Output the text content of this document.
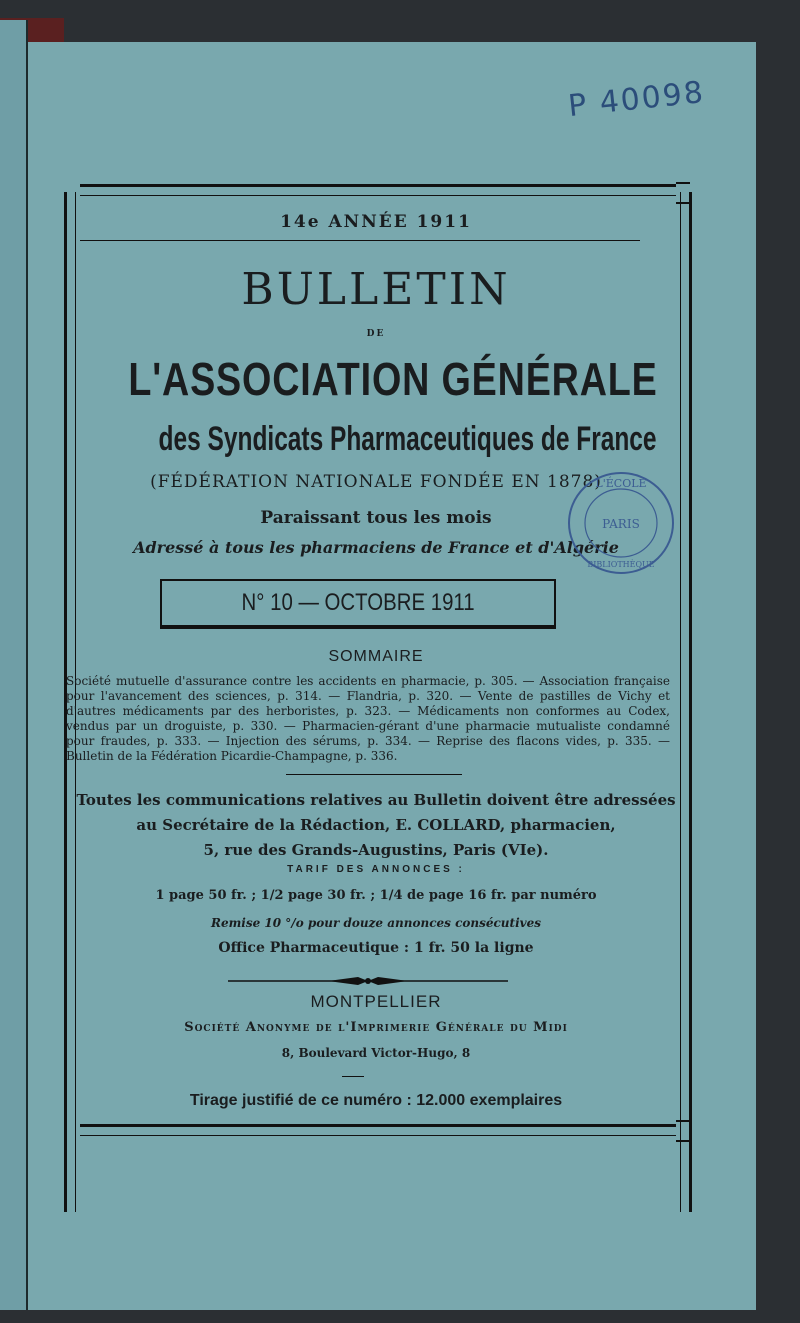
P 40098
14e ANNÉE 1911
BULLETIN
DE
L'ASSOCIATION GÉNÉRALE
des Syndicats Pharmaceutiques de France
(FÉDÉRATION NATIONALE FONDÉE EN 1878)
Paraissant tous les mois
Adressé à tous les pharmaciens de France et d'Algérie
L'ÉCOLE
PARIS
BIBLIOTHÈQUE
N° 10 — OCTOBRE 1911
SOMMAIRE
Société mutuelle d'assurance contre les accidents en pharmacie, p. 305. — Association française pour l'avancement des sciences, p. 314. — Flandria, p. 320. — Vente de pastilles de Vichy et d'autres médicaments par des herboristes, p. 323. — Médicaments non conformes au Codex, vendus par un droguiste, p. 330. — Pharmacien-gérant d'une pharmacie mutualiste condamné pour fraudes, p. 333. — Injection des sérums, p. 334. — Reprise des flacons vides, p. 335. — Bulletin de la Fédération Picardie-Champagne, p. 336.
Toutes les communications relatives au Bulletin doivent être adressées
au Secrétaire de la Rédaction, E. COLLARD, pharmacien,
5, rue des Grands-Augustins, Paris (VIe).
TARIF DES ANNONCES :
1 page 50 fr. ; 1/2 page 30 fr. ; 1/4 de page 16 fr. par numéro
Remise 10 °/o pour douze annonces consécutives
Office Pharmaceutique : 1 fr. 50 la ligne
MONTPELLIER
Société Anonyme de l'Imprimerie Générale du Midi
8, Boulevard Victor-Hugo, 8
Tirage justifié de ce numéro : 12.000 exemplaires
